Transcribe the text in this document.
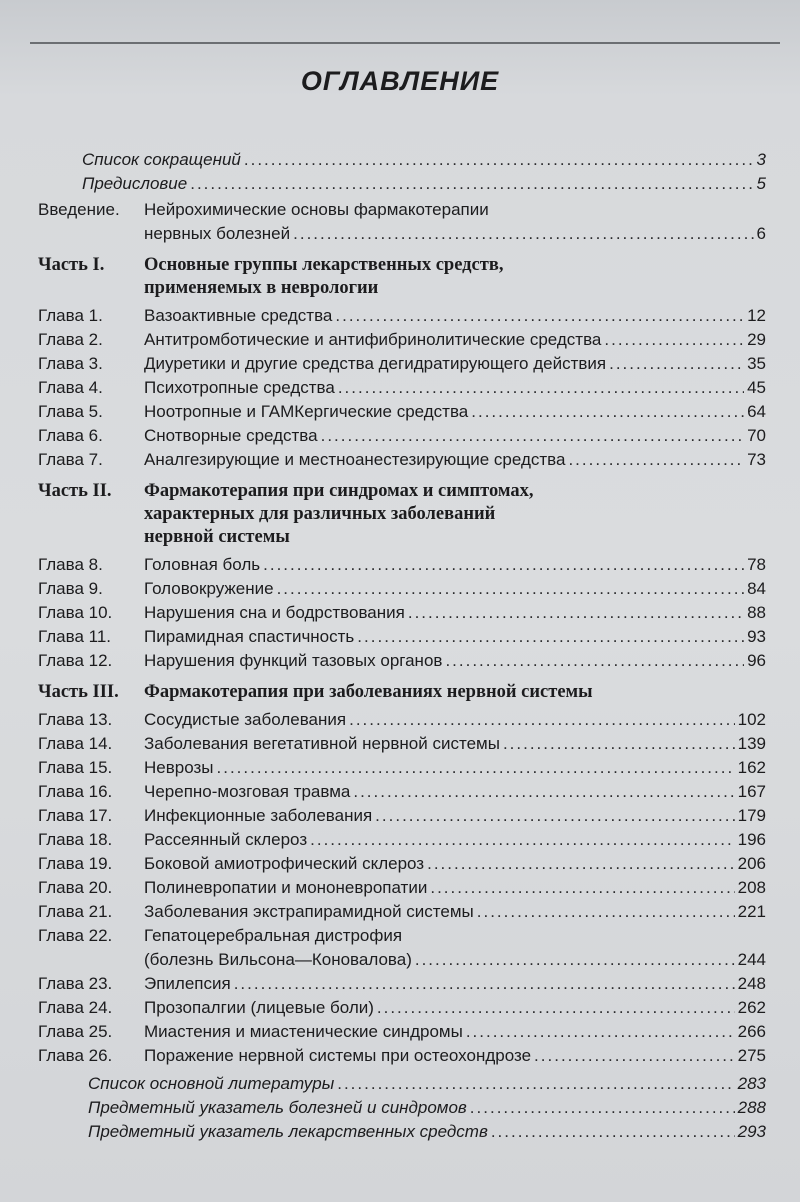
ОГЛАВЛЕНИЕ
Список сокращений .....	3
Предисловие .....	5
Введение.	Нейрохимические основы фармакотерапии
нервных болезней .....	6
Часть I.	Основные группы лекарственных средств,
применяемых в неврологии
Глава 1.	Вазоактивные средства .....	12
Глава 2.	Антитромботические и антифибринолитические средства .....	29
Глава 3.	Диуретики и другие средства дегидратирующего действия .....	35
Глава 4.	Психотропные средства .....	45
Глава 5.	Ноотропные и ГАМКергические средства .....	64
Глава 6.	Снотворные средства .....	70
Глава 7.	Аналгезирующие и местноанестезирующие средства .....	73
Часть II.	Фармакотерапия при синдромах и симптомах,
характерных для различных заболеваний
нервной системы
Глава 8.	Головная боль .....	78
Глава 9.	Головокружение .....	84
Глава 10.	Нарушения сна и бодрствования .....	88
Глава 11.	Пирамидная спастичность .....	93
Глава 12.	Нарушения функций тазовых органов .....	96
Часть III.	Фармакотерапия при заболеваниях нервной системы
Глава 13.	Сосудистые заболевания .....	102
Глава 14.	Заболевания вегетативной нервной системы .....	139
Глава 15.	Неврозы .....	162
Глава 16.	Черепно-мозговая травма .....	167
Глава 17.	Инфекционные заболевания .....	179
Глава 18.	Рассеянный склероз .....	196
Глава 19.	Боковой амиотрофический склероз .....	206
Глава 20.	Полиневропатии и мононевропатии .....	208
Глава 21.	Заболевания экстрапирамидной системы .....	221
Глава 22.	Гепатоцеребральная дистрофия
(болезнь Вильсона—Коновалова) .....	244
Глава 23.	Эпилепсия .....	248
Глава 24.	Прозопалгии (лицевые боли) .....	262
Глава 25.	Миастения и миастенические синдромы .....	266
Глава 26.	Поражение нервной системы при остеохондрозе .....	275
Список основной литературы .....	283
Предметный указатель болезней и синдромов .....	288
Предметный указатель лекарственных средств .....	293
